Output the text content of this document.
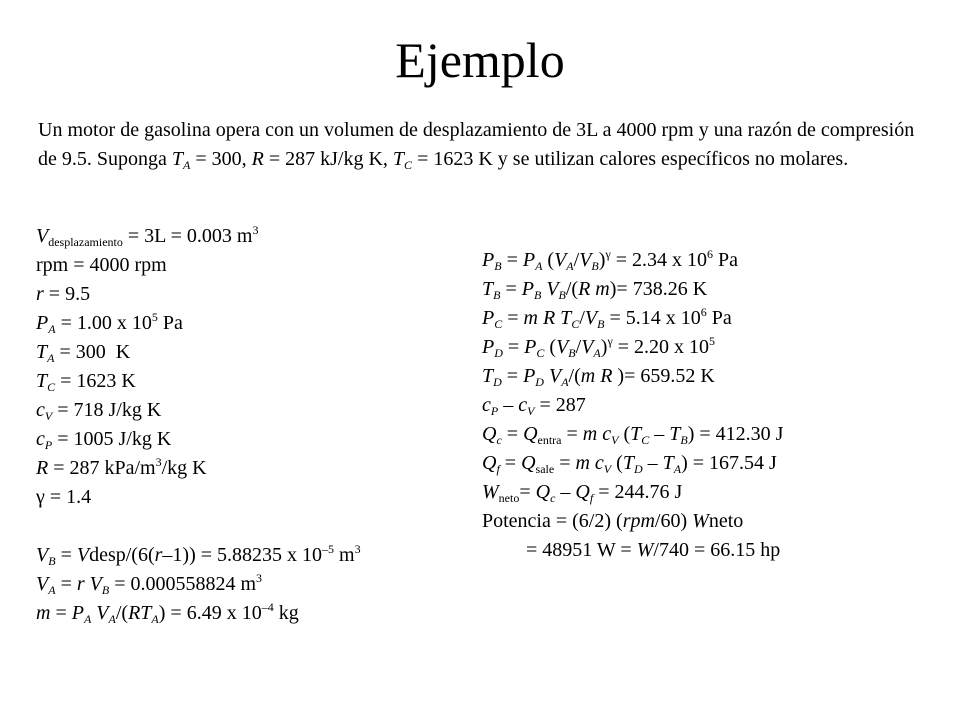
Ejemplo
Un motor de gasolina opera con un volumen de desplazamiento de 3L a 4000 rpm y una razón de compresión de 9.5. Suponga $T_A = 300$, R = 287 kJ/kg K, $T_C = 1623$ K y se utilizan calores específicos no molares.
$V_{desplazamiento} = 3L = 0.003$ $m^3$
rpm = 4000 rpm
r = 9.5
$P_A = 1.00$ x $10^5$ Pa
$T_A = 300$  K
$T_C = 1623$ K
$c_V = 718$ J/kg K
$c_P = 1005$ J/kg K
R = 287 kPa/$m^3/kg$ K
γ = 1.4
$V_B$ = Vdesp/(6(r–1)) = 5.88235 x $10^{-5}$ $m^3$
$V_A = r$ $V_B = 0.000558824$ $m^3$
$m = P_A$ $V_A/(RT_A) = 6.49$ x $10^{-4}$ kg
$P_B = P_A$ $(V_A/V_B)^\gamma = 2.34$ x $10^6$ Pa
$T_B = P_B$ $V_B/(R$ m)= 738.26 K
$P_C = m$ R $T_C/V_B = 5.14$ x $10^6$ Pa
$P_D = P_C$ $(V_B/V_A)^\gamma = 2.20$ x $10^5$
$T_D = P_D$ $V_A/(m$ R )= 659.52 K
$c_P - c_V = 287$
$Q_c = Q_{entra} = m$ $c_V$ $(T_C - T_B) = 412.30$ J
$Q_f = Q_{sale} = m$ $c_V$ $(T_D - T_A) = 167.54$ J
$W_{neto}= Q_c - Q_f = 244.76$ J
Potencia = (6/2) (rpm/60) Wneto
= 48951 W = W/740 = 66.15 hp
